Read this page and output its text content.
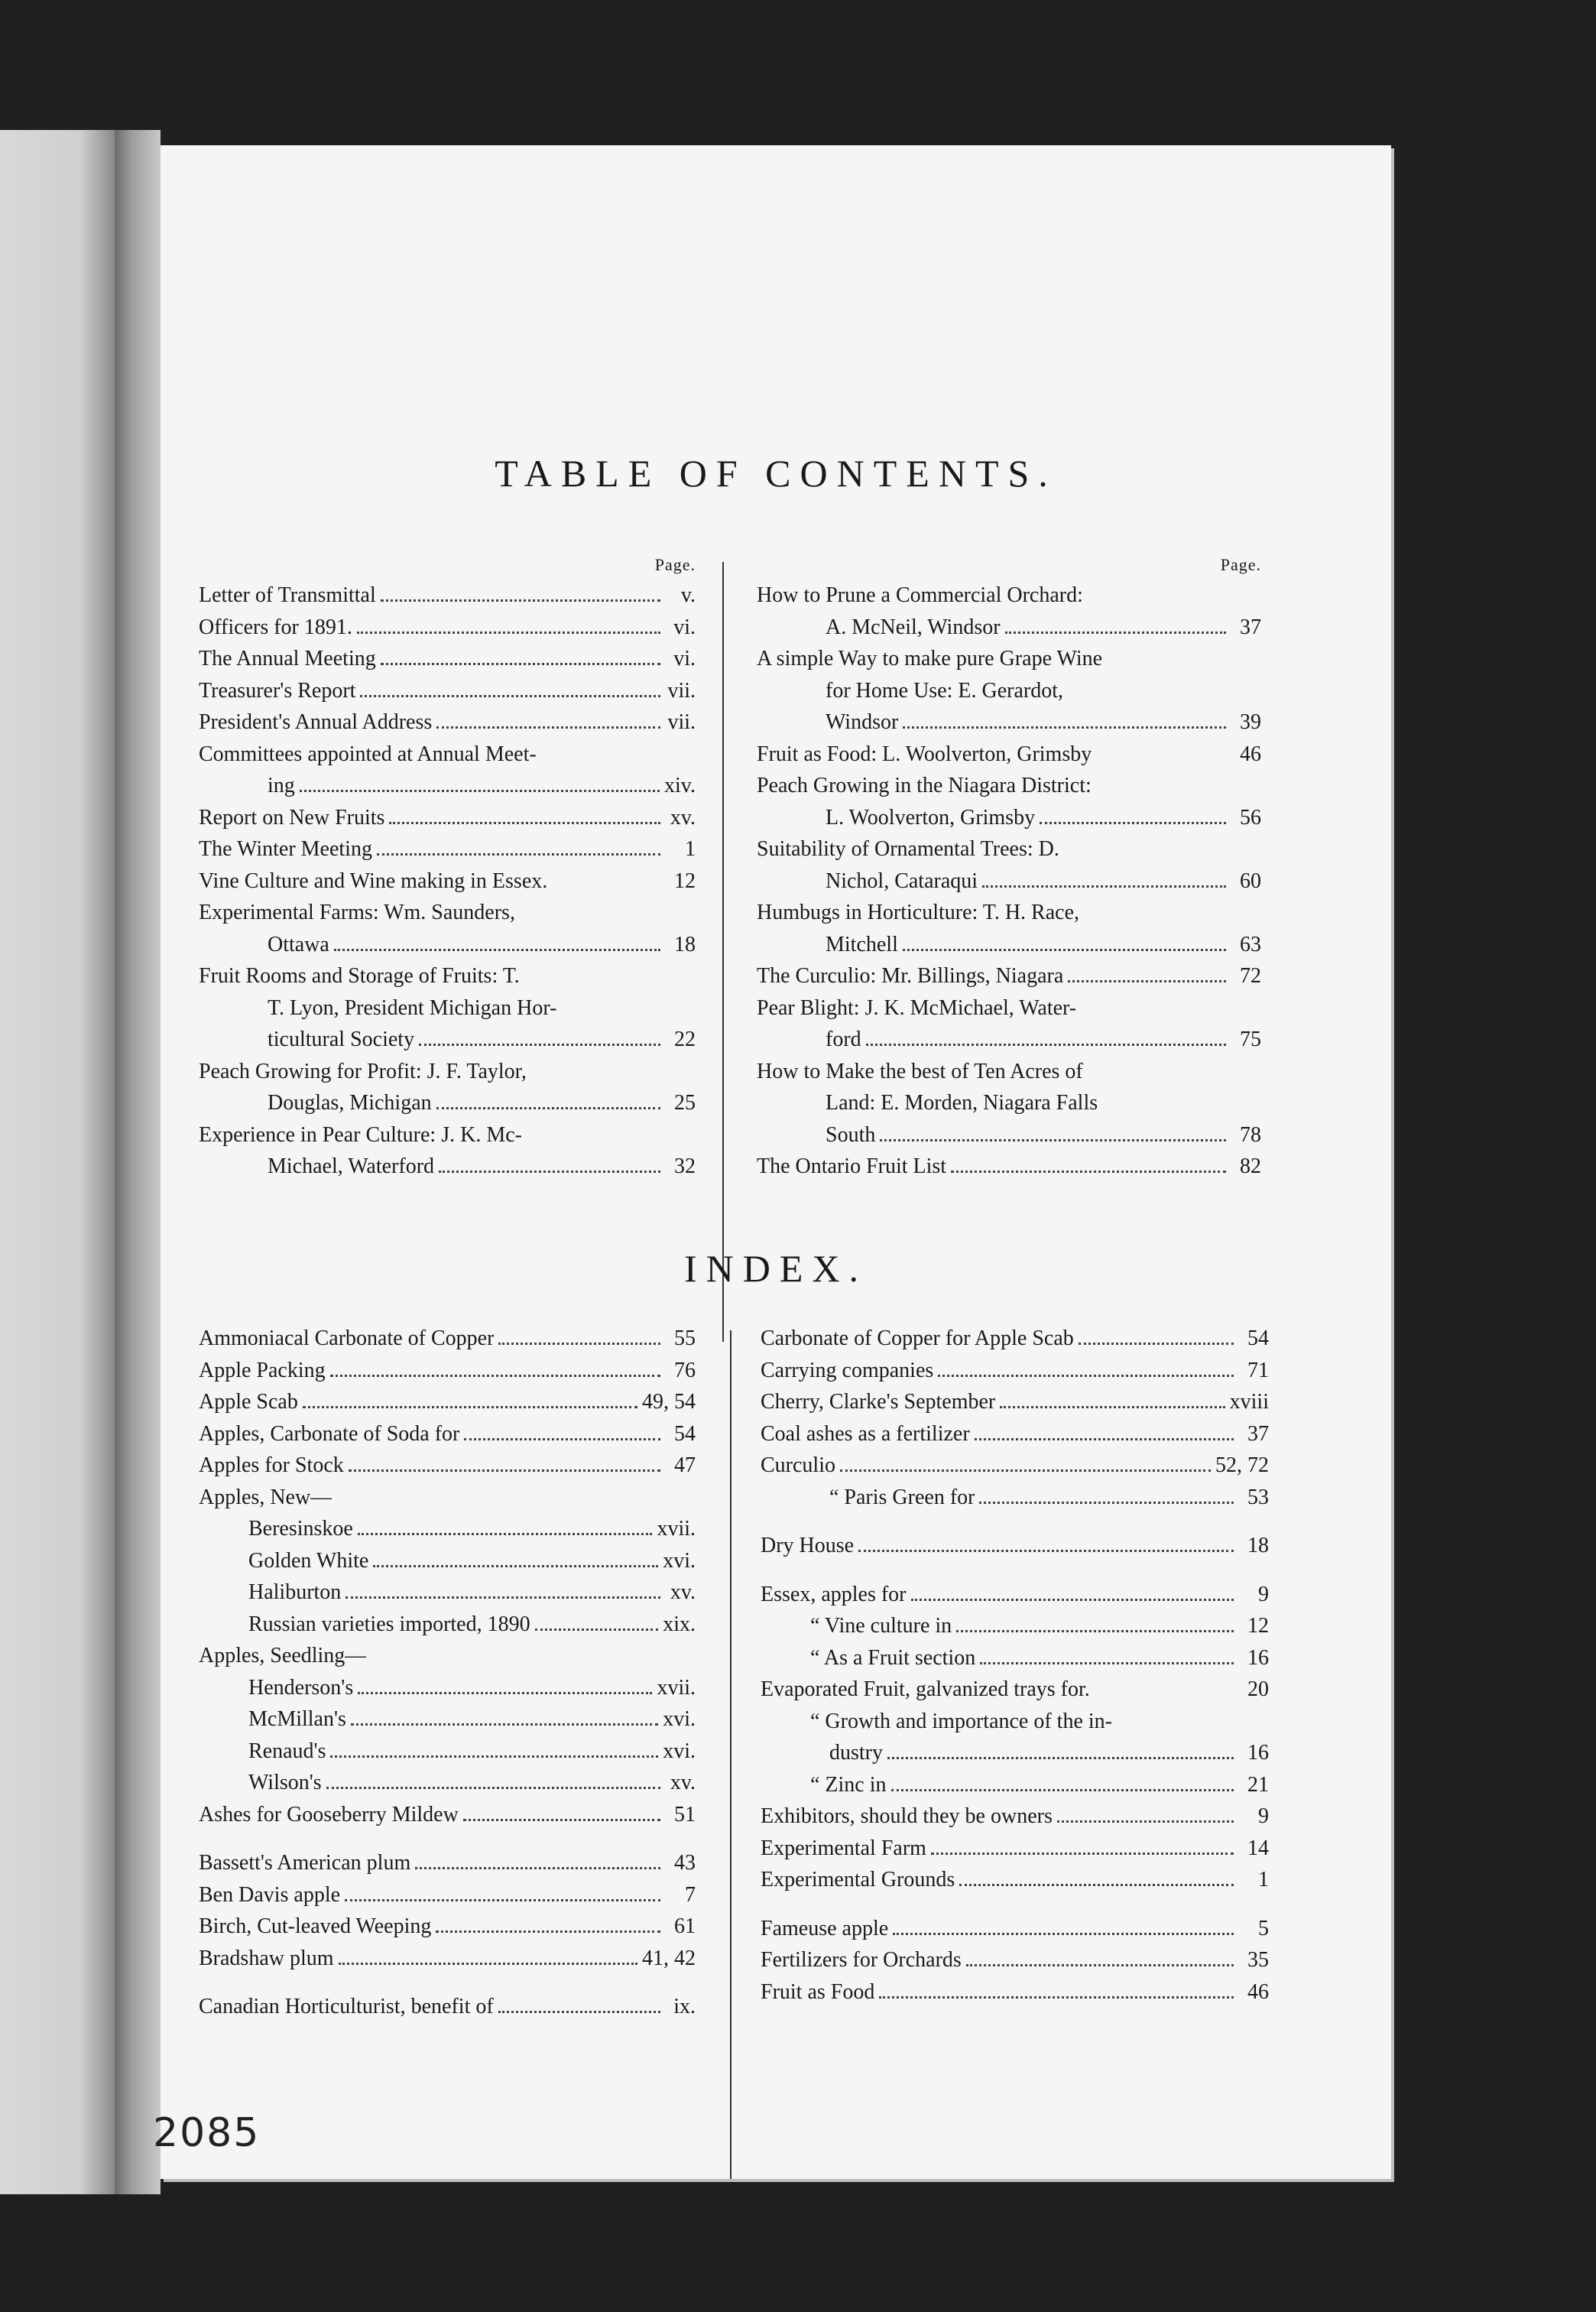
TABLE OF CONTENTS.
Page.
Letter of Transmittal	v.
Officers for 1891.	vi.
The Annual Meeting	vi.
Treasurer's Report	vii.
President's Annual Address	vii.
Committees appointed at Annual Meet-
ing	xiv.
Report on New Fruits	xv.
The Winter Meeting	1
Vine Culture and Wine making in Essex.	12
Experimental Farms: Wm. Saunders,
Ottawa	18
Fruit Rooms and Storage of Fruits: T.
T. Lyon, President Michigan Hor-
ticultural Society	22
Peach Growing for Profit: J. F. Taylor,
Douglas, Michigan	25
Experience in Pear Culture: J. K. Mc-
Michael, Waterford	32
Page.
How to Prune a Commercial Orchard:
A. McNeil, Windsor	37
A simple Way to make pure Grape Wine
for Home Use: E. Gerardot,
Windsor	39
Fruit as Food: L. Woolverton, Grimsby	46
Peach Growing in the Niagara District:
L. Woolverton, Grimsby	56
Suitability of Ornamental Trees: D.
Nichol, Cataraqui	60
Humbugs in Horticulture: T. H. Race,
Mitchell	63
The Curculio: Mr. Billings, Niagara	72
Pear Blight: J. K. McMichael, Water-
ford	75
How to Make the best of Ten Acres of
Land: E. Morden, Niagara Falls
South	78
The Ontario Fruit List	82
INDEX.
Ammoniacal Carbonate of Copper	55
Apple Packing	76
Apple Scab	49, 54
Apples, Carbonate of Soda for	54
Apples for Stock	47
Apples, New—
Beresinskoe	xvii.
Golden White	xvi.
Haliburton	xv.
Russian varieties imported, 1890	xix.
Apples, Seedling—
Henderson's	xvii.
McMillan's	xvi.
Renaud's	xvi.
Wilson's	xv.
Ashes for Gooseberry Mildew	51
Bassett's American plum	43
Ben Davis apple	7
Birch, Cut-leaved Weeping	61
Bradshaw plum	41, 42
Canadian Horticulturist, benefit of	ix.
Carbonate of Copper for Apple Scab	54
Carrying companies	71
Cherry, Clarke's September	xviii
Coal ashes as a fertilizer	37
Curculio	52, 72
“ Paris Green for	53
Dry House	18
Essex, apples for	9
“ Vine culture in	12
“ As a Fruit section	16
Evaporated Fruit, galvanized trays for.	20
“ Growth and importance of the in-
dustry	16
“ Zinc in	21
Exhibitors, should they be owners	9
Experimental Farm	14
Experimental Grounds	1
Fameuse apple	5
Fertilizers for Orchards	35
Fruit as Food	46
2085
